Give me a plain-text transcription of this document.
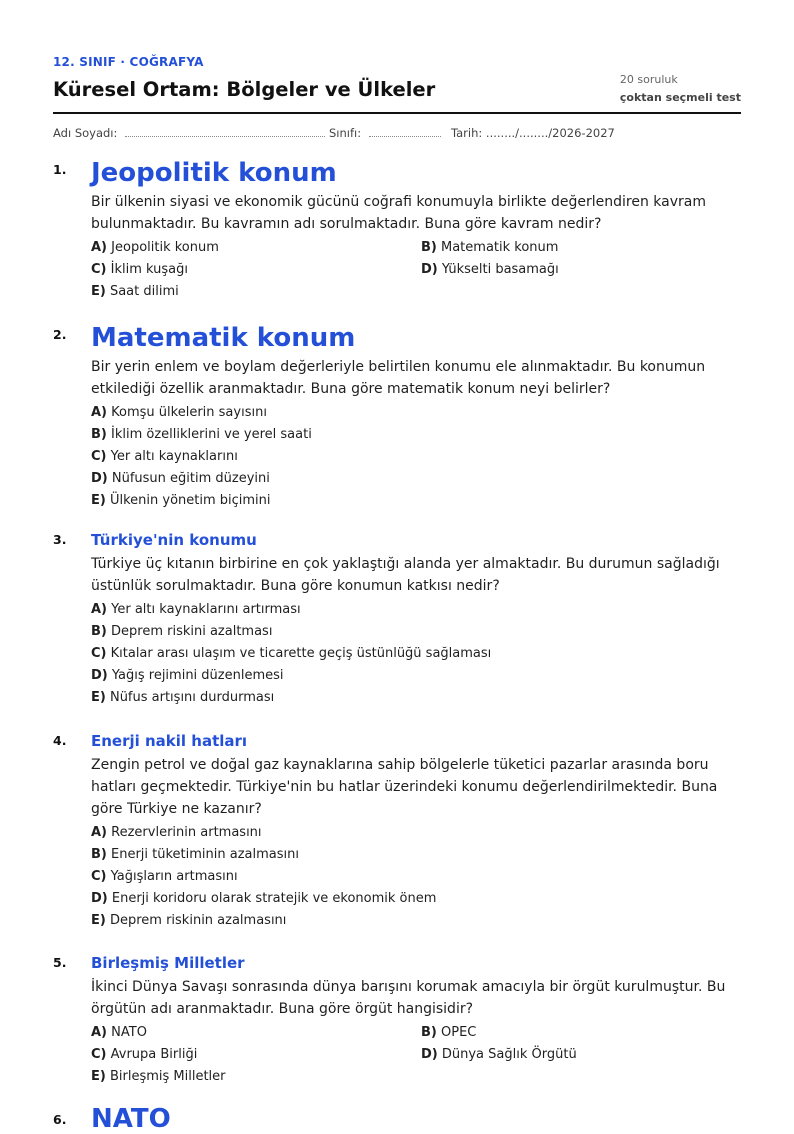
12. SINIF · COĞRAFYA
Küresel Ortam: Bölgeler ve Ülkeler	20 soruluk
çoktan seçmeli test
Adı Soyadı:	Sınıfı:	Tarih: ......../......../2026-2027
1. Jeopolitik konum
Bir ülkenin siyasi ve ekonomik gücünü coğrafi konumuyla birlikte değerlendiren kavram bulunmaktadır. Bu kavramın adı sorulmaktadır. Buna göre kavram nedir?
A) Jeopolitik konum	B) Matematik konum
C) İklim kuşağı	D) Yükselti basamağı
E) Saat dilimi
2. Matematik konum
Bir yerin enlem ve boylam değerleriyle belirtilen konumu ele alınmaktadır. Bu konumun etkilediği özellik aranmaktadır. Buna göre matematik konum neyi belirler?
A) Komşu ülkelerin sayısını
B) İklim özelliklerini ve yerel saati
C) Yer altı kaynaklarını
D) Nüfusun eğitim düzeyini
E) Ülkenin yönetim biçimini
3. Türkiye'nin konumu
Türkiye üç kıtanın birbirine en çok yaklaştığı alanda yer almaktadır. Bu durumun sağladığı üstünlük sorulmaktadır. Buna göre konumun katkısı nedir?
A) Yer altı kaynaklarını artırması
B) Deprem riskini azaltması
C) Kıtalar arası ulaşım ve ticarette geçiş üstünlüğü sağlaması
D) Yağış rejimini düzenlemesi
E) Nüfus artışını durdurması
4. Enerji nakil hatları
Zengin petrol ve doğal gaz kaynaklarına sahip bölgelerle tüketici pazarlar arasında boru hatları geçmektedir. Türkiye'nin bu hatlar üzerindeki konumu değerlendirilmektedir. Buna göre Türkiye ne kazanır?
A) Rezervlerinin artmasını
B) Enerji tüketiminin azalmasını
C) Yağışların artmasını
D) Enerji koridoru olarak stratejik ve ekonomik önem
E) Deprem riskinin azalmasını
5. Birleşmiş Milletler
İkinci Dünya Savaşı sonrasında dünya barışını korumak amacıyla bir örgüt kurulmuştur. Bu örgütün adı aranmaktadır. Buna göre örgüt hangisidir?
A) NATO	B) OPEC
C) Avrupa Birliği	D) Dünya Sağlık Örgütü
E) Birleşmiş Milletler
6. NATO
